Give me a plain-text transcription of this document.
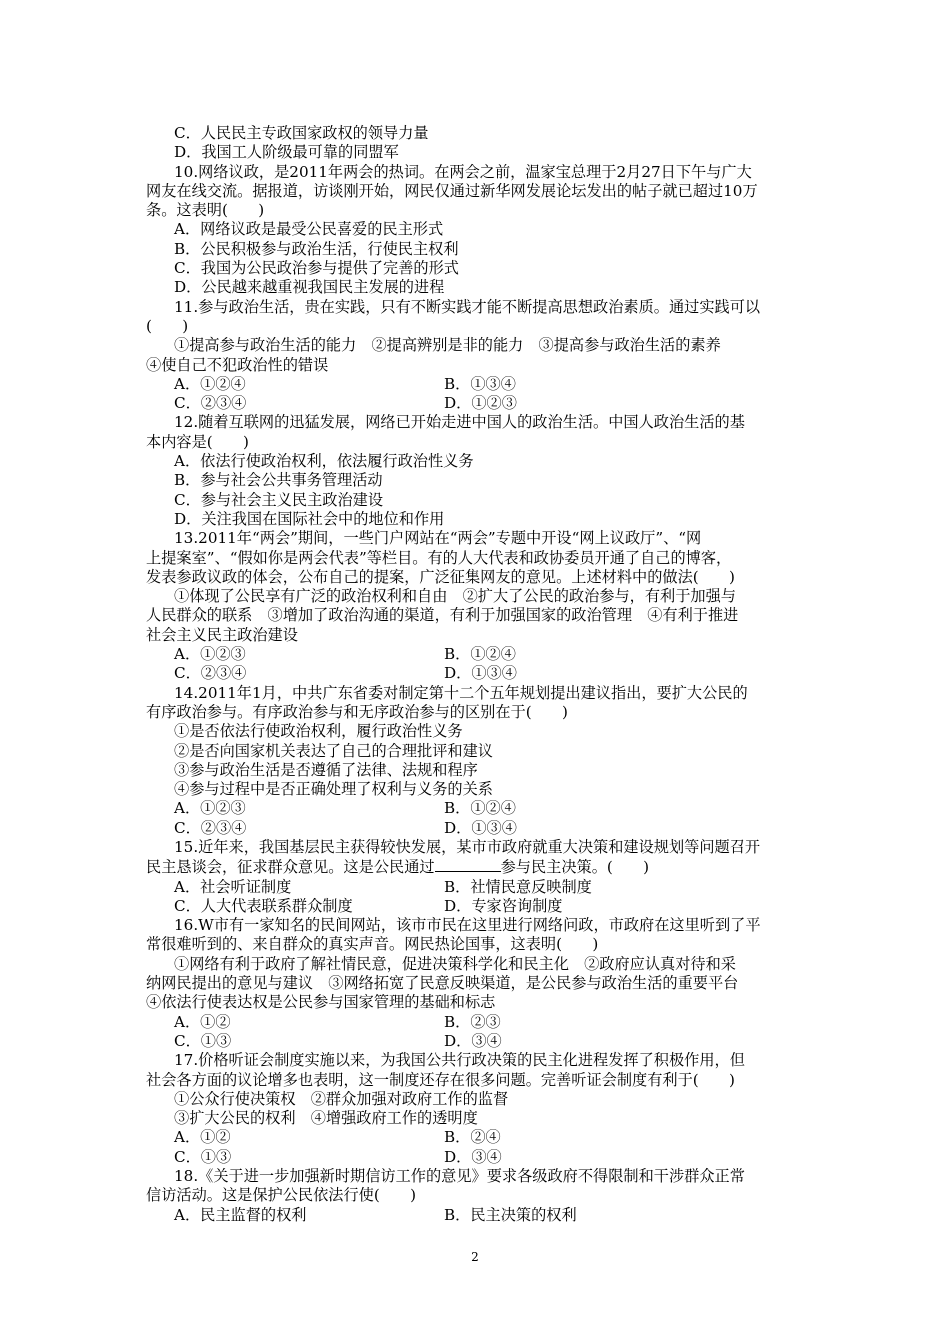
C．人民民主专政国家政权的领导力量
D．我国工人阶级最可靠的同盟军
10.网络议政，是2011年两会的热词。在两会之前，温家宝总理于2月27日下午与广大
网友在线交流。据报道，访谈刚开始，网民仅通过新华网发展论坛发出的帖子就已超过10万
条。这表明(　　)
A．网络议政是最受公民喜爱的民主形式
B．公民积极参与政治生活，行使民主权利
C．我国为公民政治参与提供了完善的形式
D．公民越来越重视我国民主发展的进程
11.参与政治生活，贵在实践，只有不断实践才能不断提高思想政治素质。通过实践可以
(　　)
①提高参与政治生活的能力　②提高辨别是非的能力　③提高参与政治生活的素养
④使自己不犯政治性的错误
A．①②④	B．①③④
C．②③④	D．①②③
12.随着互联网的迅猛发展，网络已开始走进中国人的政治生活。中国人政治生活的基
本内容是(　　)
A．依法行使政治权利，依法履行政治性义务
B．参与社会公共事务管理活动
C．参与社会主义民主政治建设
D．关注我国在国际社会中的地位和作用
13.2011年“两会”期间，一些门户网站在“两会”专题中开设“网上议政厅”、“网
上提案室”、“假如你是两会代表”等栏目。有的人大代表和政协委员开通了自己的博客，
发表参政议政的体会，公布自己的提案，广泛征集网友的意见。上述材料中的做法(　　)
①体现了公民享有广泛的政治权利和自由　②扩大了公民的政治参与，有利于加强与
人民群众的联系　③增加了政治沟通的渠道，有利于加强国家的政治管理　④有利于推进
社会主义民主政治建设
A．①②③	B．①②④
C．②③④	D．①③④
14.2011年1月，中共广东省委对制定第十二个五年规划提出建议指出，要扩大公民的
有序政治参与。有序政治参与和无序政治参与的区别在于(　　)
①是否依法行使政治权利，履行政治性义务
②是否向国家机关表达了自己的合理批评和建议
③参与政治生活是否遵循了法律、法规和程序
④参与过程中是否正确处理了权利与义务的关系
A．①②③	B．①②④
C．②③④	D．①③④
15.近年来，我国基层民主获得较快发展，某市市政府就重大决策和建设规划等问题召开
民主恳谈会，征求群众意见。这是公民通过	参与民主决策。(　　)
A．社会听证制度	B．社情民意反映制度
C．人大代表联系群众制度	D．专家咨询制度
16.W市有一家知名的民间网站，该市市民在这里进行网络问政，市政府在这里听到了平
常很难听到的、来自群众的真实声音。网民热论国事，这表明(　　)
①网络有利于政府了解社情民意，促进决策科学化和民主化　②政府应认真对待和采
纳网民提出的意见与建议　③网络拓宽了民意反映渠道，是公民参与政治生活的重要平台
④依法行使表达权是公民参与国家管理的基础和标志
A．①②	B．②③
C．①③	D．③④
17.价格听证会制度实施以来，为我国公共行政决策的民主化进程发挥了积极作用，但
社会各方面的议论增多也表明，这一制度还存在很多问题。完善听证会制度有利于(　　)
①公众行使决策权　②群众加强对政府工作的监督
③扩大公民的权利　④增强政府工作的透明度
A．①②	B．②④
C．①③	D．③④
18.《关于进一步加强新时期信访工作的意见》要求各级政府不得限制和干涉群众正常
信访活动。这是保护公民依法行使(　　)
A．民主监督的权利	B．民主决策的权利
2
